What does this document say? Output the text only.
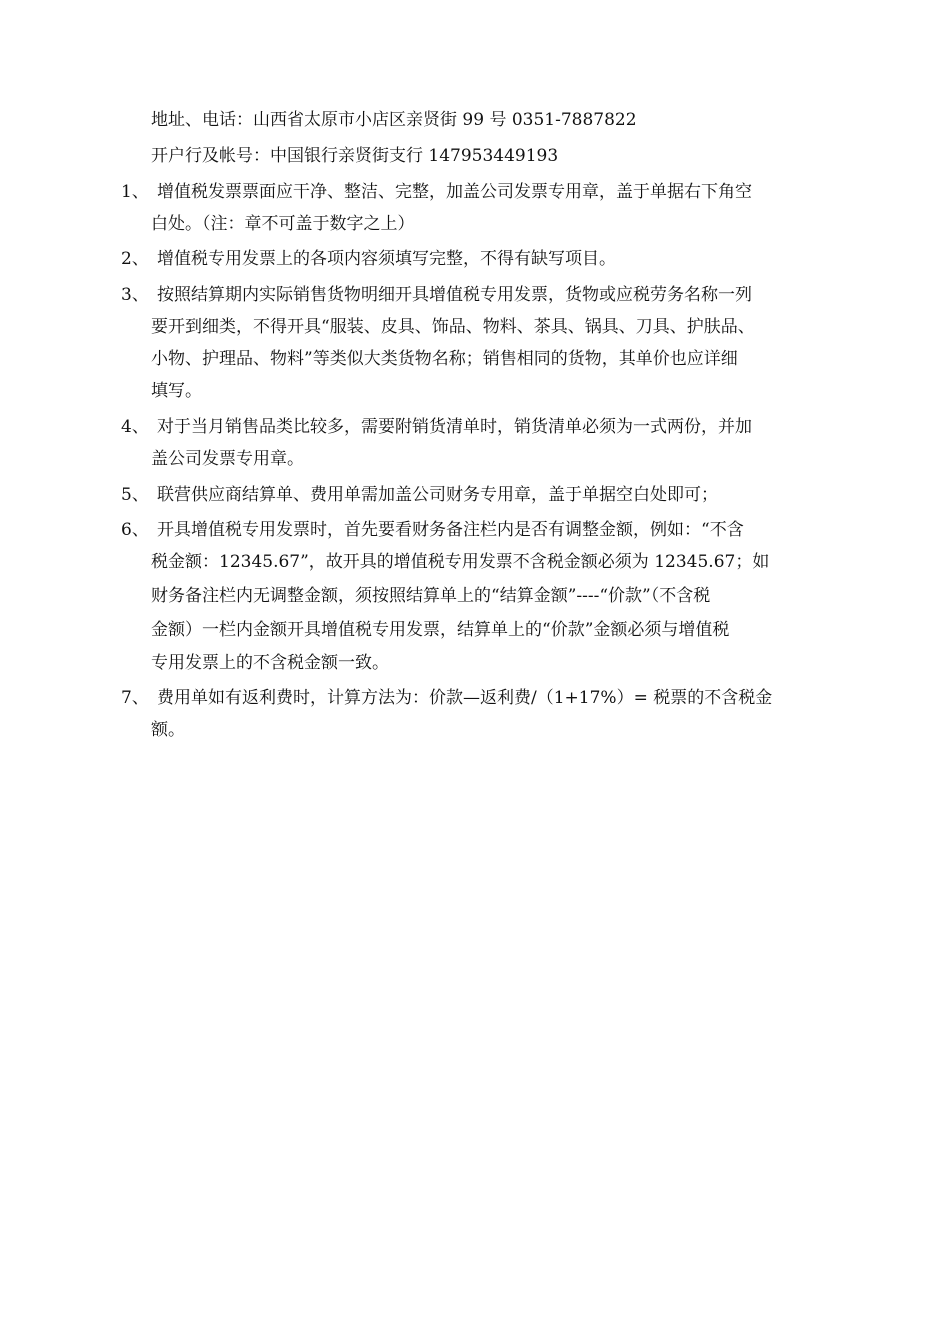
地址、电话：山西省太原市小店区亲贤街 99 号 0351-7887822
开户行及帐号：中国银行亲贤街支行 147953449193
1、 增值税发票票面应干净、整洁、完整，加盖公司发票专用章，盖于单据右下角空
白处。（注：章不可盖于数字之上）
2、 增值税专用发票上的各项内容须填写完整，不得有缺写项目。
3、 按照结算期内实际销售货物明细开具增值税专用发票，货物或应税劳务名称一列
要开到细类，不得开具“服装、皮具、饰品、物料、茶具、锅具、刀具、护肤品、
小物、护理品、物料”等类似大类货物名称；销售相同的货物，其单价也应详细
填写。
4、 对于当月销售品类比较多，需要附销货清单时，销货清单必须为一式两份，并加
盖公司发票专用章。
5、 联营供应商结算单、费用单需加盖公司财务专用章，盖于单据空白处即可；
6、 开具增值税专用发票时，首先要看财务备注栏内是否有调整金额，例如：“不含
税金额：12345.67”，故开具的增值税专用发票不含税金额必须为 12345.67；如
财务备注栏内无调整金额，须按照结算单上的“结算金额”----“价款”（不含税
金额）一栏内金额开具增值税专用发票，结算单上的“价款”金额必须与增值税
专用发票上的不含税金额一致。
7、 费用单如有返利费时，计算方法为：价款—返利费/（1+17%）= 税票的不含税金
额。
